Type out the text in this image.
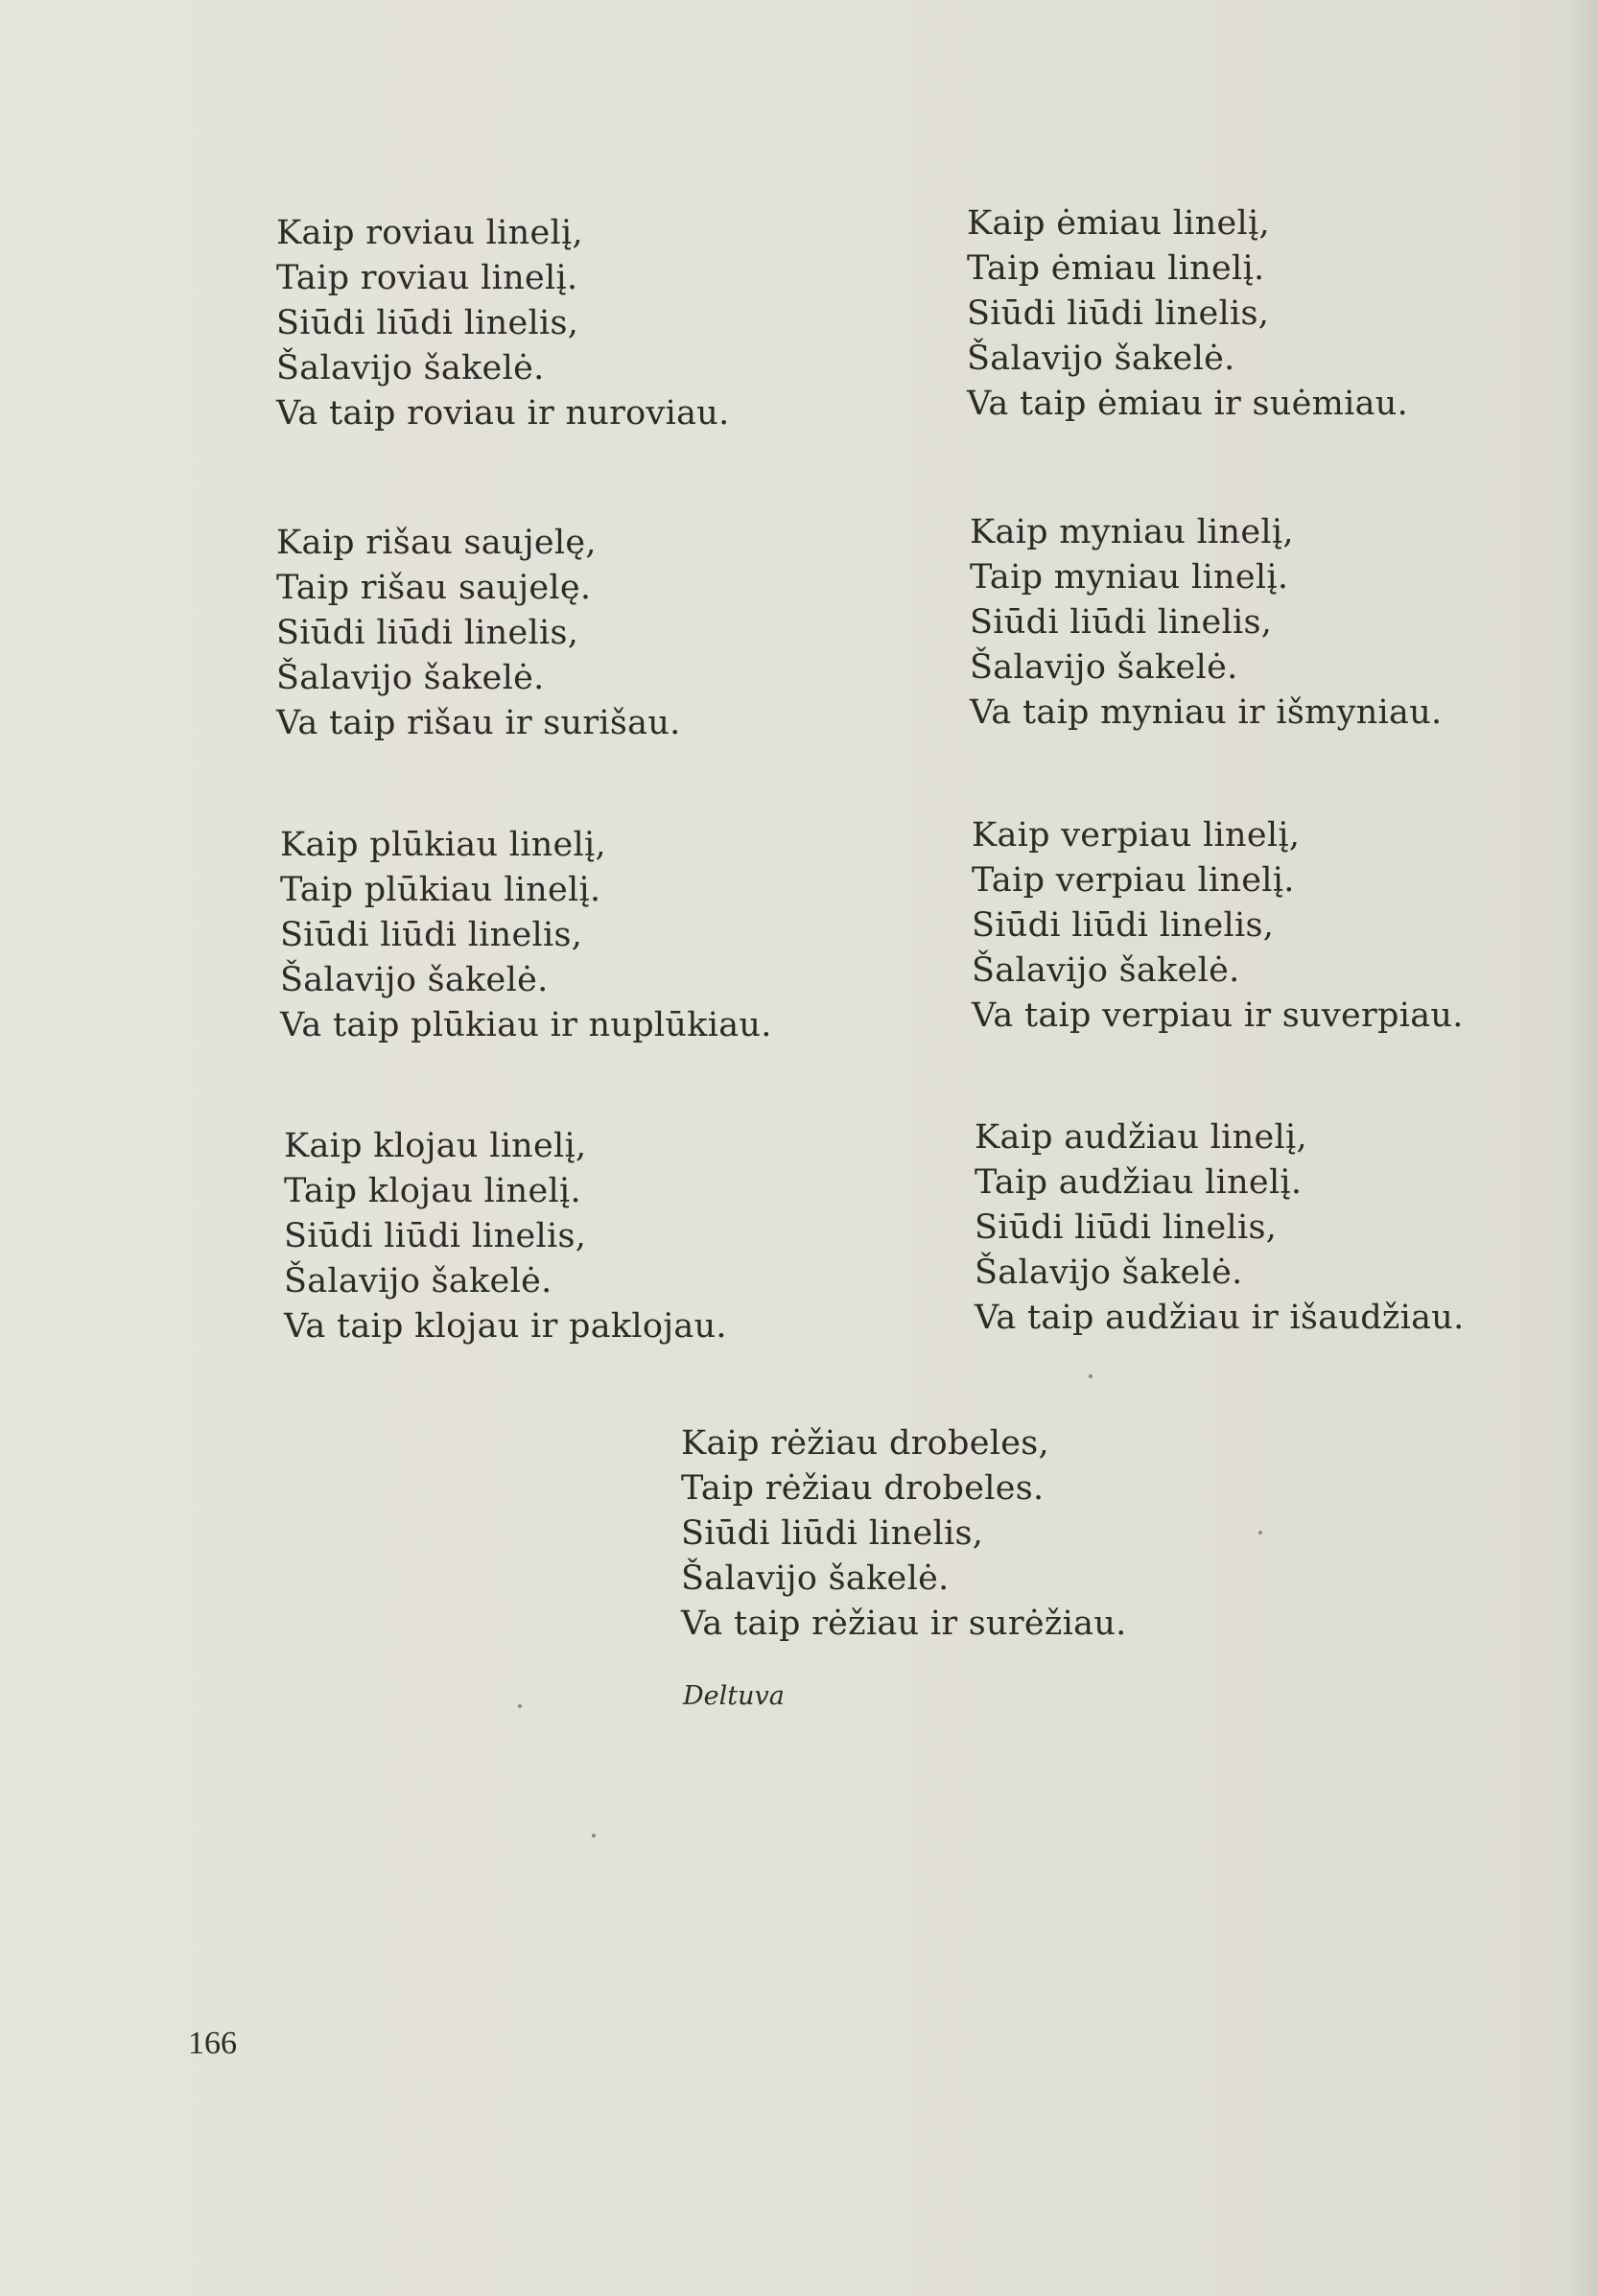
Kaip roviau linelį,
Taip roviau linelį.
Siūdi liūdi linelis,
Šalavijo šakelė.
Va taip roviau ir nuroviau.
Kaip ėmiau linelį,
Taip ėmiau linelį.
Siūdi liūdi linelis,
Šalavijo šakelė.
Va taip ėmiau ir suėmiau.
Kaip rišau saujelę,
Taip rišau saujelę.
Siūdi liūdi linelis,
Šalavijo šakelė.
Va taip rišau ir surišau.
Kaip myniau linelį,
Taip myniau linelį.
Siūdi liūdi linelis,
Šalavijo šakelė.
Va taip myniau ir išmyniau.
Kaip plūkiau linelį,
Taip plūkiau linelį.
Siūdi liūdi linelis,
Šalavijo šakelė.
Va taip plūkiau ir nuplūkiau.
Kaip verpiau linelį,
Taip verpiau linelį.
Siūdi liūdi linelis,
Šalavijo šakelė.
Va taip verpiau ir suverpiau.
Kaip klojau linelį,
Taip klojau linelį.
Siūdi liūdi linelis,
Šalavijo šakelė.
Va taip klojau ir paklojau.
Kaip audžiau linelį,
Taip audžiau linelį.
Siūdi liūdi linelis,
Šalavijo šakelė.
Va taip audžiau ir išaudžiau.
Kaip rėžiau drobeles,
Taip rėžiau drobeles.
Siūdi liūdi linelis,
Šalavijo šakelė.
Va taip rėžiau ir surėžiau.
Deltuva
166
